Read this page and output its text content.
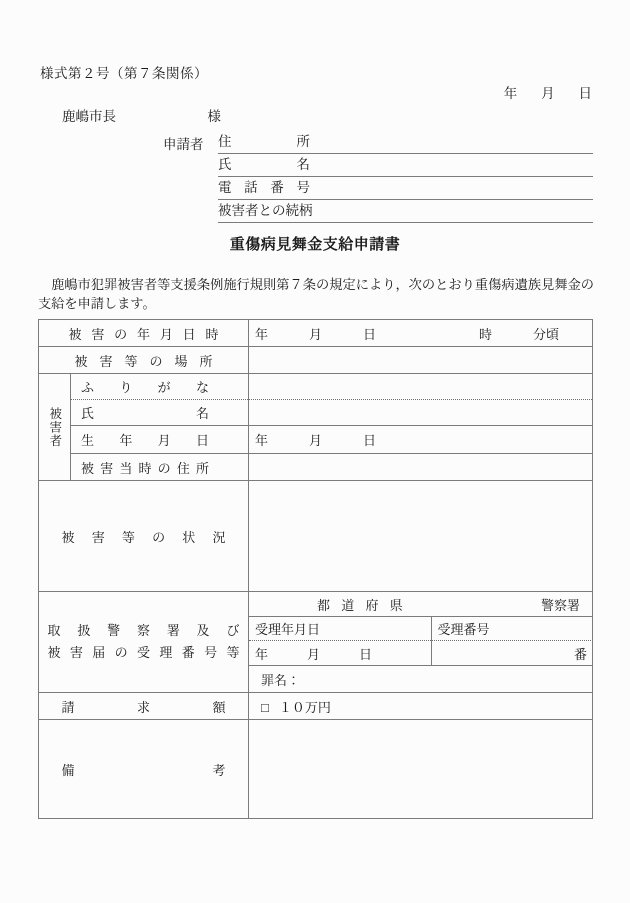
様式第２号（第７条関係）
年 月 日
鹿嶋市長	様
申請者 住　　所
氏　　名
電 話 番 号
被害者との続柄
重傷病見舞金支給申請書
鹿嶋市犯罪被害者等支援条例施行規則第７条の規定により，次のとおり重傷病遺族見舞金の支給を申請します。
被 害 の 年 月 日 時	年	月	日	時	分頃

被 害 等 の 場 所

被害者

ふ　り　が　な

氏　　　　名

生　年　月　日	年	月	日

被 害 当 時 の 住 所

被 害 等 の 状 況

取 扱 警 察 署 及 び
被 害 届 の 受 理 番 号 等

都 道 府 県	警察署

受理年月日	受理番号
年	月	日	番

罪名：

請　　求　　額	□ １０万円

備　　　　考
